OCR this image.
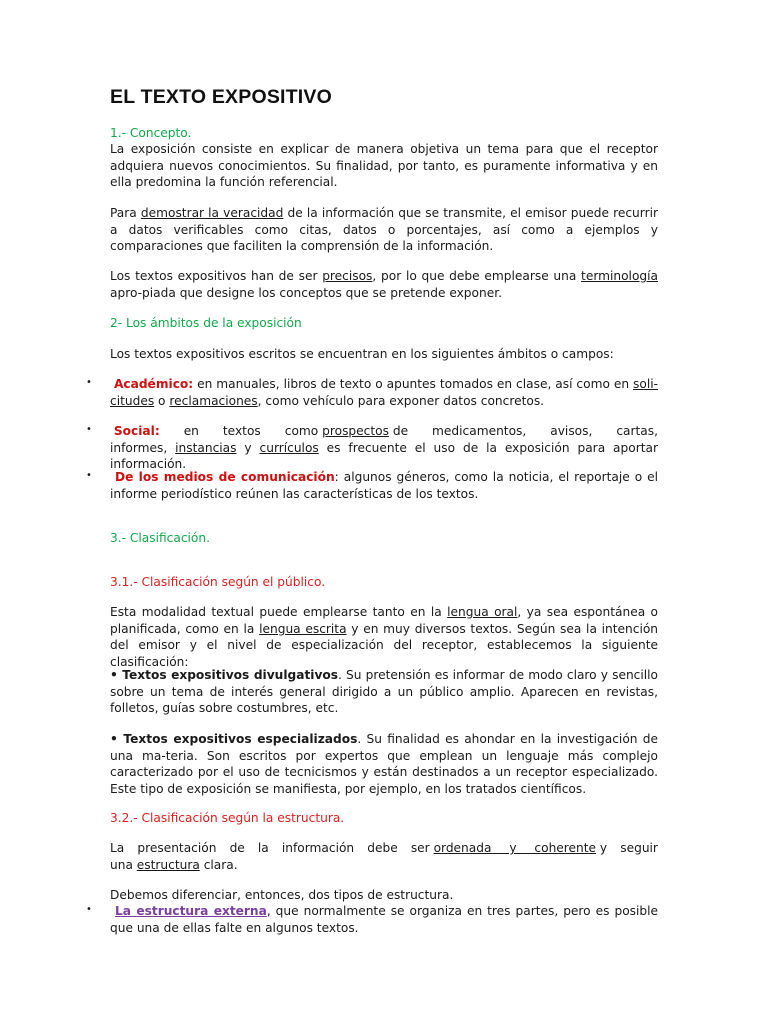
EL TEXTO EXPOSITIVO
1.- Concepto.
La exposición consiste en explicar de manera objetiva un tema para que el receptor adquiera nuevos conocimientos. Su finalidad, por tanto, es puramente informativa y en ella predomina la función referencial.
Para demostrar la veracidad de la información que se transmite, el emisor puede recurrir a datos verificables como citas, datos o porcentajes, así como a ejemplos y comparaciones que faciliten la comprensión de la información.
Los textos expositivos han de ser precisos, por lo que debe emplearse una terminología apro-piada que designe los conceptos que se pretende exponer.
2- Los ámbitos de la exposición
Los textos expositivos escritos se encuentran en los siguientes ámbitos o campos:
•	Académico: en manuales, libros de texto o apuntes tomados en clase, así como en soli-citudes o reclamaciones, como vehículo para exponer datos concretos.
•	Social: en textos como prospectos de medicamentos, avisos, cartas,
informes, instancias y currículos es frecuente el uso de la exposición para aportar información.
•	De los medios de comunicación: algunos géneros, como la noticia, el reportaje o el informe periodístico reúnen las características de los textos.
3.- Clasificación.
3.1.- Clasificación según el público.
Esta modalidad textual puede emplearse tanto en la lengua oral, ya sea espontánea o planificada, como en la lengua escrita y en muy diversos textos. Según sea la intención del emisor y el nivel de especialización del receptor, establecemos la siguiente clasificación:
• Textos expositivos divulgativos. Su pretensión es informar de modo claro y sencillo sobre un tema de interés general dirigido a un público amplio. Aparecen en revistas, folletos, guías sobre costumbres, etc.
• Textos expositivos especializados. Su finalidad es ahondar en la investigación de una ma-teria. Son escritos por expertos que emplean un lenguaje más complejo caracterizado por el uso de tecnicismos y están destinados a un receptor especializado. Este tipo de exposición se manifiesta, por ejemplo, en los tratados científicos.
3.2.- Clasificación según la estructura.
La presentación de la información debe ser ordenada y coherente y seguir
una estructura clara.
Debemos diferenciar, entonces, dos tipos de estructura.
•	La estructura externa, que normalmente se organiza en tres partes, pero es posible que una de ellas falte en algunos textos.
